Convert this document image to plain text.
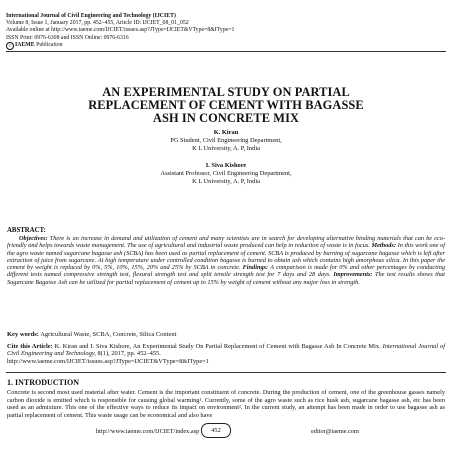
International Journal of Civil Engineering and Technology (IJCIET)
Volume 8, Issue 1, January 2017, pp. 452–455, Article ID: IJCIET_08_01_052
Available online at http://www.iaeme.com/IJCIET/issues.asp?JType=IJCIET&VType=8&IType=1
ISSN Print: 0976-6308 and ISSN Online: 0976-6316
© IAEME Publication
AN EXPERIMENTAL STUDY ON PARTIAL
REPLACEMENT OF CEMENT WITH BAGASSE
ASH IN CONCRETE MIX
K. Kiran
PG Student, Civil Engineering Department,
K L University, A. P, India
I. Siva Kishore
Assistant Professor, Civil Engineering Department,
K L University, A. P, India
ABSTRACT:
Objectives: There is an increase in demand and utilization of cement and many scientists are in search for developing alternative binding materials that can be eco-friendly and helps towards waste management. The use of agricultural and industrial waste produced can help in reduction of waste is in focus. Methods: In this work one of the agro waste named sugarcane bagasse ash (SCBA) has been used as partial replacement of cement. SCBA is produced by burning of sugarcane bagasse which is left after extraction of juice from sugarcane. At high temperature under controlled condition bagasse is burned to obtain ash which contains high amorphous silica. In this paper the cement by weight is replaced by 0%, 5%, 10%, 15%, 20% and 25% by SCBA in concrete. Findings: A comparison is made for 0% and other percentages by conducting different tests named compressive strength test, flexural strength test and split tensile strength test for 7 days and 28 days. Improvements: The test results shows that Sugarcane Bagasse Ash can be utilized for partial replacement of cement up to 15% by weight of cement without any major loss in strength.
Key words: Agricultural Waste, SCBA, Concrete, Silica Content
Cite this Article: K. Kiran and I. Siva Kishore, An Experimental Study On Partial Replacement of Cement with Bagasse Ash In Concrete Mix. International Journal of Civil Engineering and Technology, 8(1), 2017, pp. 452–455.
http://www.iaeme.com/IJCIET/issues.asp?JType=IJCIET&VType=8&IType=1
1. INTRODUCTION
Concrete is second most used material after water. Cement is the important constituent of concrete. During the production of cement, one of the greenhouse gasses namely carbon dioxide is emitted which is responsible for causing global warming¹. Currently, some of the agro waste such as rice husk ash, sugarcane bagasse ash, etc has been used as an admixture. This one of the effective ways to reduce its impact on environment². In the current study, an attempt has been made in order to use bagasse ash as partial replacement of cement. This waste usage can be economical and also have
http://www.iaeme.com/IJCIET/index.asp	452	editor@iaeme.com
